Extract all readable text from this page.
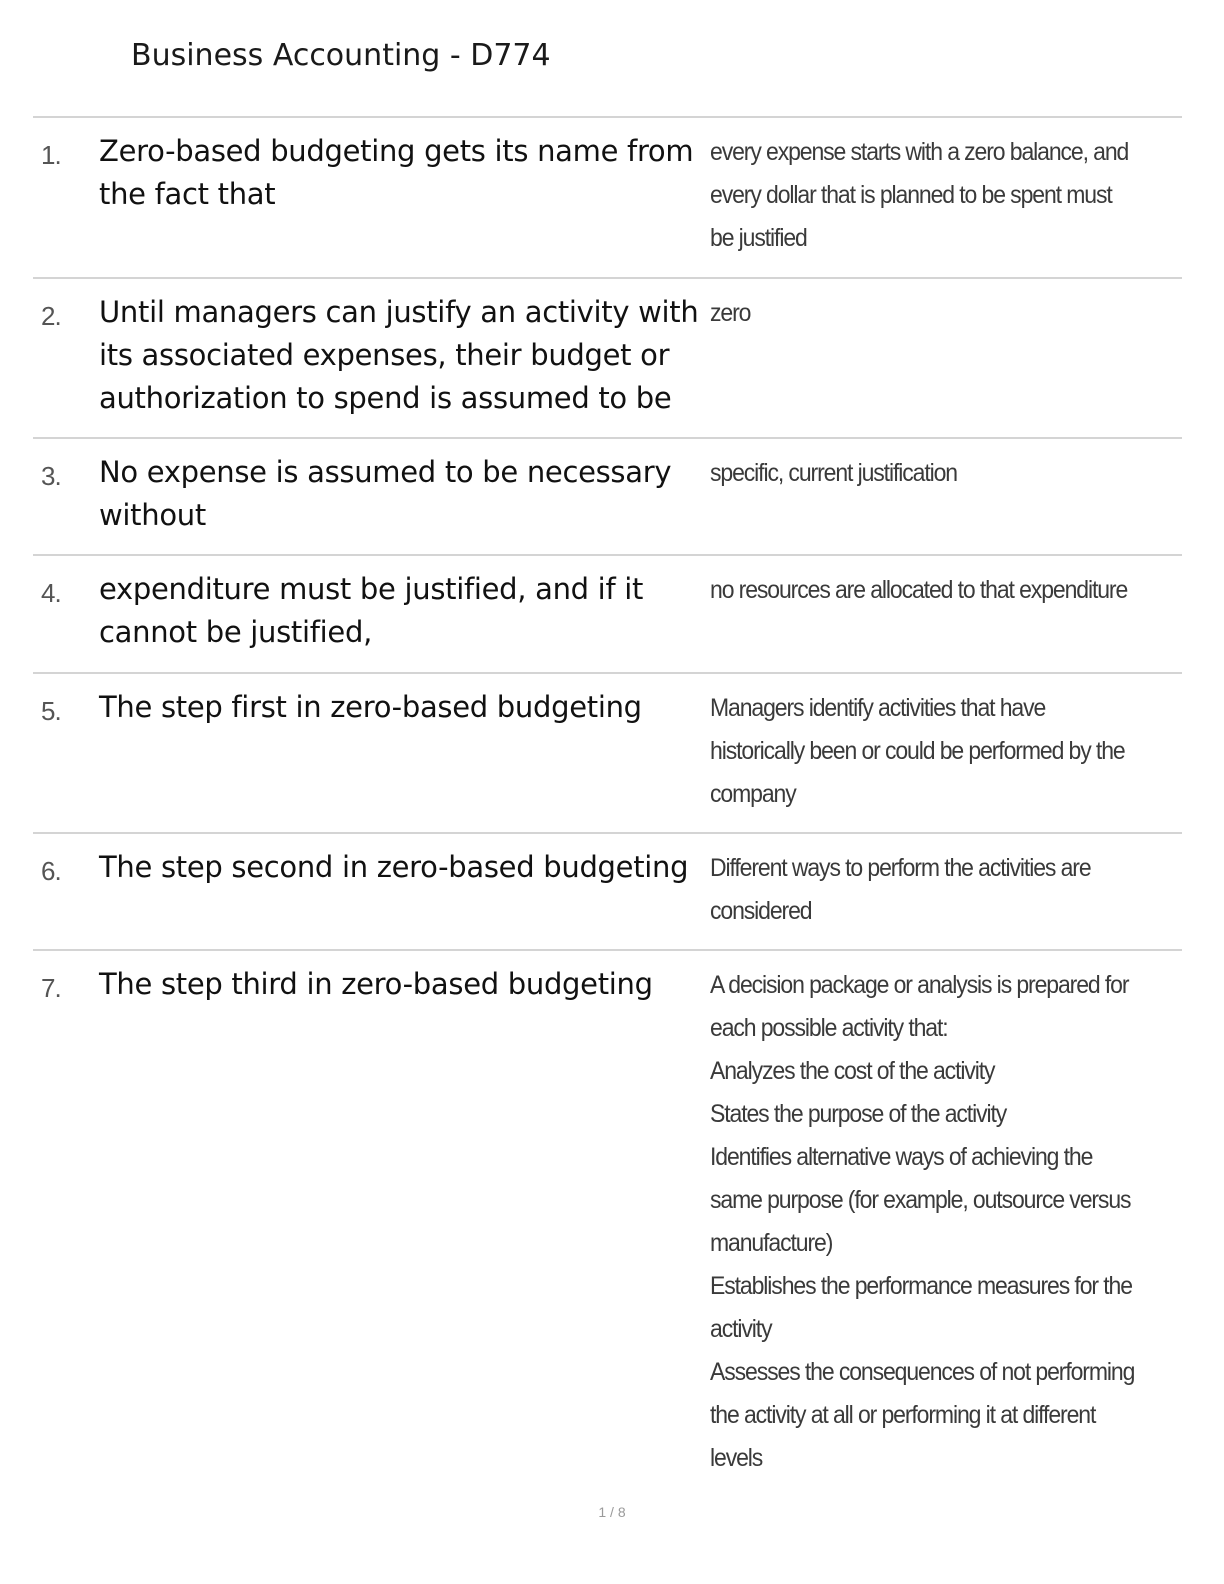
Business Accounting - D774
1. Zero-based budgeting gets its name from the fact that
every expense starts with a zero balance, and every dollar that is planned to be spent must be justified
2. Until managers can justify an activity with its associated expenses, their budget or authorization to spend is assumed to be
zero
3. No expense is assumed to be necessary without
specific, current justification
4. expenditure must be justified, and if it cannot be justified,
no resources are allocated to that expenditure
5. The step first in zero-based budgeting	Managers identify activities that have historically been or could be performed by the company
6. The step second in zero-based budgeting Different ways to perform the activities are considered
7. The step third in zero-based budgeting	A decision package or analysis is prepared for each possible activity that:
Analyzes the cost of the activity
States the purpose of the activity
Identifies alternative ways of achieving the same purpose (for example, outsource versus manufacture)
Establishes the performance measures for the activity
Assesses the consequences of not performing the activity at all or performing it at different levels
1 / 8
